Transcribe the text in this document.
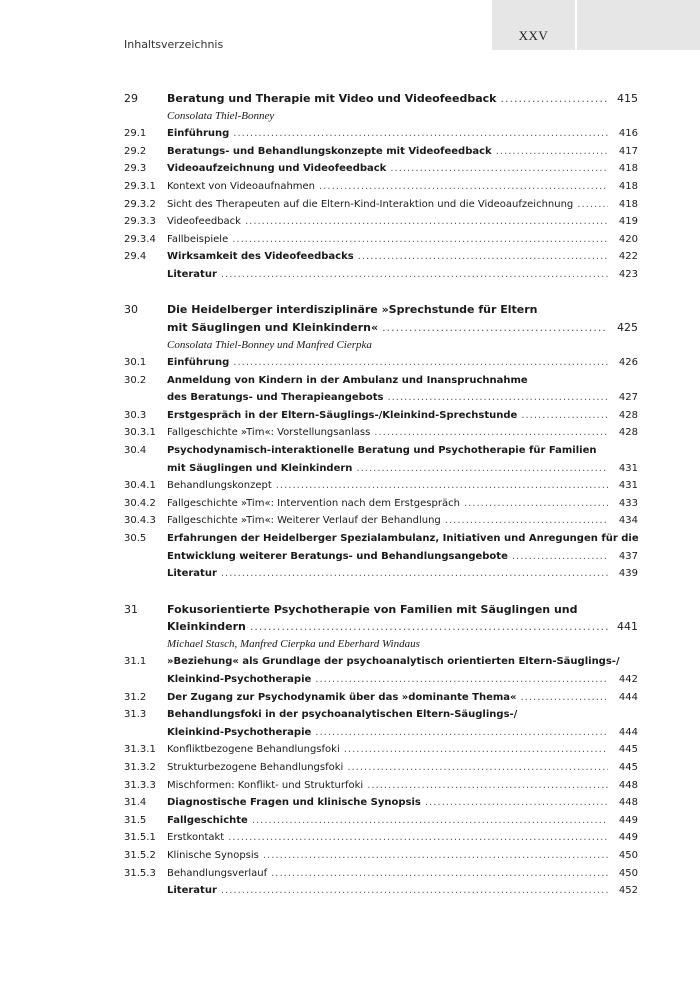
XXV
Inhaltsverzeichnis
29	Beratung und Therapie mit Video und Videofeedback .....	415
Consolata Thiel-Bonney
29.1	Einführung .....	416
29.2	Beratungs- und Behandlungskonzepte mit Videofeedback .....	417
29.3	Videoaufzeichnung und Videofeedback .....	418
29.3.1	Kontext von Videoaufnahmen .....	418
29.3.2	Sicht des Therapeuten auf die Eltern-Kind-Interaktion und die Videoaufzeichnung .....	418
29.3.3	Videofeedback .....	419
29.3.4	Fallbeispiele .....	420
29.4	Wirksamkeit des Videofeedbacks .....	422
Literatur .....	423
30	Die Heidelberger interdisziplinäre »Sprechstunde für Eltern
mit Säuglingen und Kleinkindern« .....	425
Consolata Thiel-Bonney und Manfred Cierpka
30.1	Einführung .....	426
30.2	Anmeldung von Kindern in der Ambulanz und Inanspruchnahme
des Beratungs- und Therapieangebots .....	427
30.3	Erstgespräch in der Eltern-Säuglings-/Kleinkind-Sprechstunde .....	428
30.3.1	Fallgeschichte »Tim«: Vorstellungsanlass .....	428
30.4	Psychodynamisch-interaktionelle Beratung und Psychotherapie für Familien
mit Säuglingen und Kleinkindern .....	431
30.4.1	Behandlungskonzept .....	431
30.4.2	Fallgeschichte »Tim«: Intervention nach dem Erstgespräch .....	433
30.4.3	Fallgeschichte »Tim«: Weiterer Verlauf der Behandlung .....	434
30.5	Erfahrungen der Heidelberger Spezialambulanz, Initiativen und Anregungen für die
Entwicklung weiterer Beratungs- und Behandlungsangebote .....	437
Literatur .....	439
31	Fokusorientierte Psychotherapie von Familien mit Säuglingen und
Kleinkindern .....	441
Michael Stasch, Manfred Cierpka und Eberhard Windaus
31.1	»Beziehung« als Grundlage der psychoanalytisch orientierten Eltern-Säuglings-/
Kleinkind-Psychotherapie .....	442
31.2	Der Zugang zur Psychodynamik über das »dominante Thema« .....	444
31.3	Behandlungsfoki in der psychoanalytischen Eltern-Säuglings-/
Kleinkind-Psychotherapie .....	444
31.3.1	Konfliktbezogene Behandlungsfoki .....	445
31.3.2	Strukturbezogene Behandlungsfoki .....	445
31.3.3	Mischformen: Konflikt- und Strukturfoki .....	448
31.4	Diagnostische Fragen und klinische Synopsis .....	448
31.5	Fallgeschichte .....	449
31.5.1	Erstkontakt .....	449
31.5.2	Klinische Synopsis .....	450
31.5.3	Behandlungsverlauf .....	450
Literatur .....	452
